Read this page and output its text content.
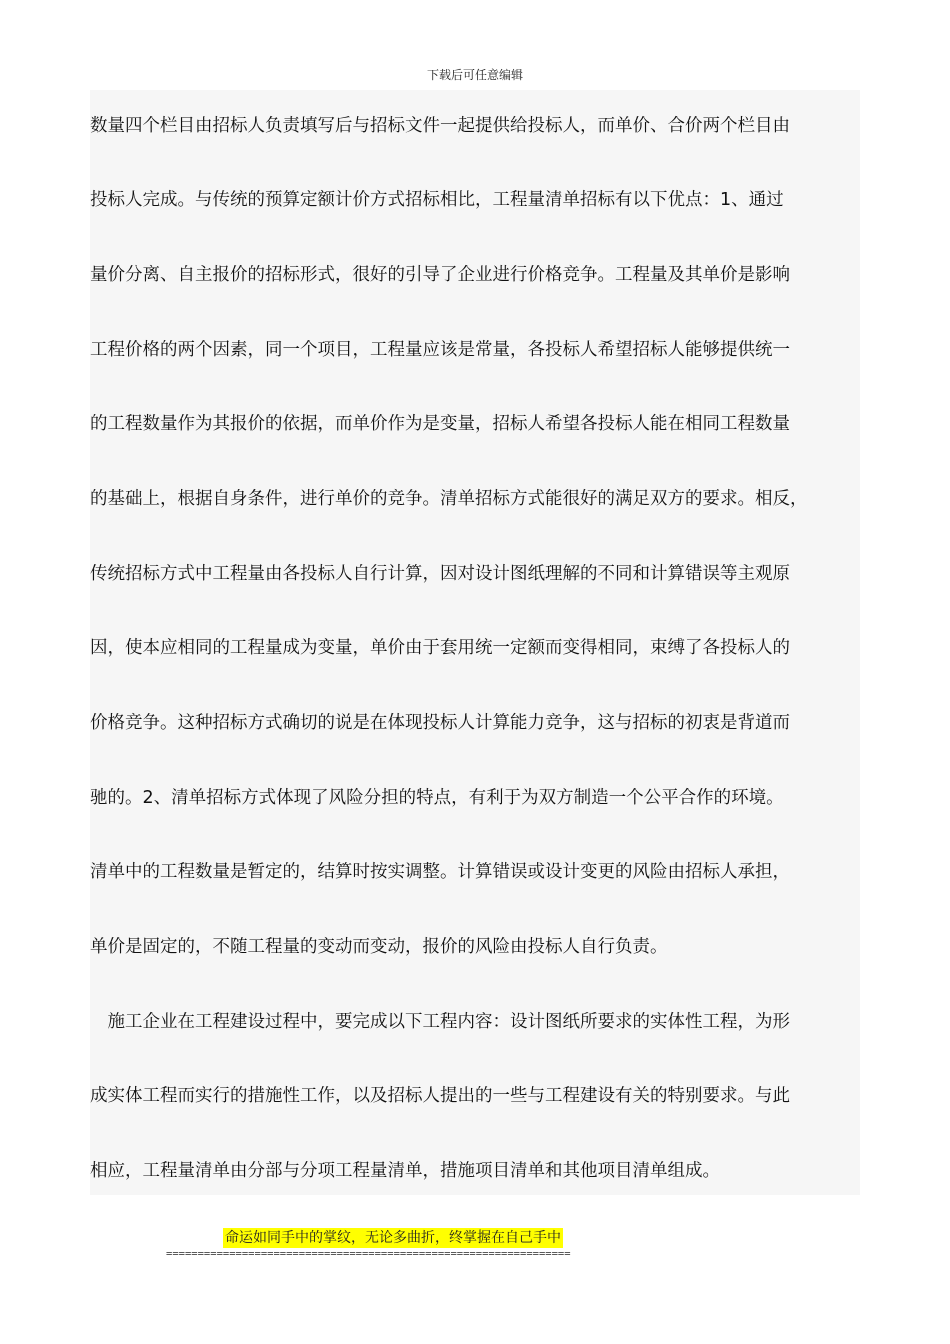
下载后可任意编辑
数量四个栏目由招标人负责填写后与招标文件一起提供给投标人，而单价、合价两个栏目由
投标人完成。与传统的预算定额计价方式招标相比，工程量清单招标有以下优点：1、通过
量价分离、自主报价的招标形式，很好的引导了企业进行价格竞争。工程量及其单价是影响
工程价格的两个因素，同一个项目，工程量应该是常量，各投标人希望招标人能够提供统一
的工程数量作为其报价的依据，而单价作为是变量，招标人希望各投标人能在相同工程数量
的基础上，根据自身条件，进行单价的竞争。清单招标方式能很好的满足双方的要求。相反，
传统招标方式中工程量由各投标人自行计算，因对设计图纸理解的不同和计算错误等主观原
因，使本应相同的工程量成为变量，单价由于套用统一定额而变得相同，束缚了各投标人的
价格竞争。这种招标方式确切的说是在体现投标人计算能力竞争，这与招标的初衷是背道而
驰的。2、清单招标方式体现了风险分担的特点，有利于为双方制造一个公平合作的环境。
清单中的工程数量是暂定的，结算时按实调整。计算错误或设计变更的风险由招标人承担，
单价是固定的，不随工程量的变动而变动，报价的风险由投标人自行负责。
　施工企业在工程建设过程中，要完成以下工程内容：设计图纸所要求的实体性工程，为形
成实体工程而实行的措施性工作，以及招标人提出的一些与工程建设有关的特别要求。与此
相应，工程量清单由分部与分项工程量清单，措施项目清单和其他项目清单组成。
命运如同手中的掌纹，无论多曲折，终掌握在自己手中
================================================================
